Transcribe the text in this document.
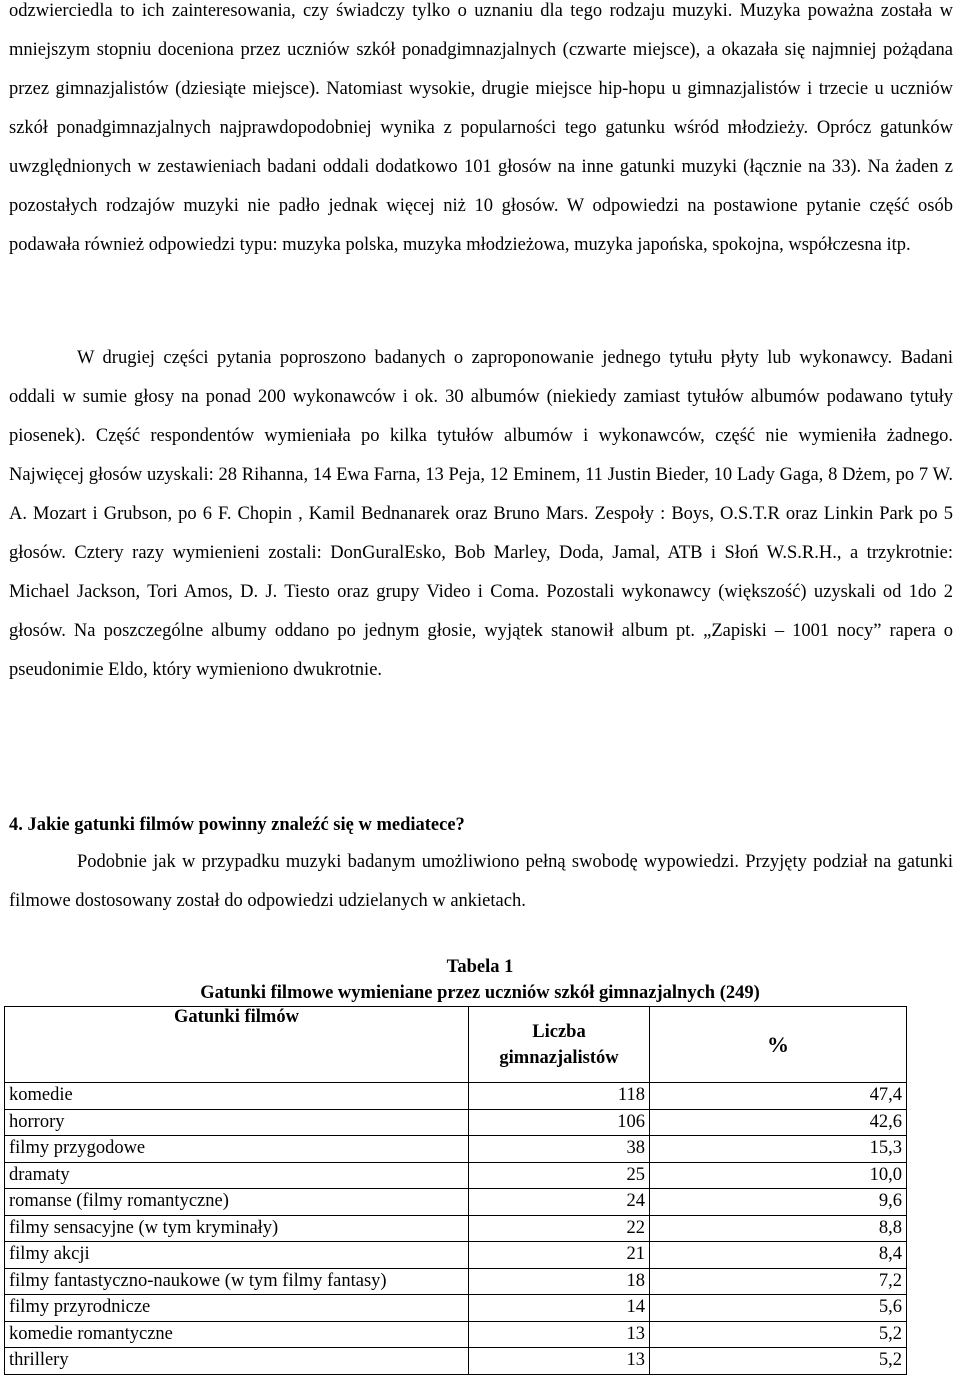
odzwierciedla to ich zainteresowania, czy świadczy tylko o uznaniu dla tego rodzaju muzyki. Muzyka poważna została w mniejszym stopniu doceniona przez uczniów szkół ponadgimnazjalnych (czwarte miejsce), a okazała się najmniej pożądana przez gimnazjalistów (dziesiąte miejsce). Natomiast wysokie, drugie miejsce hip-hopu u gimnazjalistów i trzecie u uczniów szkół ponadgimnazjalnych najprawdopodobniej wynika z popularności tego gatunku wśród młodzieży. Oprócz gatunków uwzględnionych w zestawieniach badani oddali dodatkowo 101 głosów na inne gatunki muzyki (łącznie na 33). Na żaden z pozostałych rodzajów muzyki nie padło jednak więcej niż 10 głosów. W odpowiedzi na postawione pytanie część osób podawała również odpowiedzi typu: muzyka polska, muzyka młodzieżowa, muzyka japońska, spokojna, współczesna itp.

W drugiej części pytania poproszono badanych o zaproponowanie jednego tytułu płyty lub wykonawcy. Badani oddali w sumie głosy na ponad 200 wykonawców i ok. 30 albumów (niekiedy zamiast tytułów albumów podawano tytuły piosenek). Część respondentów wymieniała po kilka tytułów albumów i wykonawców, część nie wymieniła żadnego. Najwięcej głosów uzyskali: 28 Rihanna, 14 Ewa Farna, 13 Peja, 12 Eminem, 11 Justin Bieder, 10 Lady Gaga, 8 Dżem, po 7 W. A. Mozart i Grubson, po 6 F. Chopin , Kamil Bednanarek oraz Bruno Mars. Zespoły : Boys, O.S.T.R oraz Linkin Park po 5 głosów. Cztery razy wymienieni zostali: DonGuralEsko, Bob Marley, Doda, Jamal, ATB i Słoń W.S.R.H., a trzykrotnie: Michael Jackson, Tori Amos, D. J. Tiesto oraz grupy Video i Coma. Pozostali wykonawcy (większość) uzyskali od 1do 2 głosów. Na poszczególne albumy oddano po jednym głosie, wyjątek stanowił album pt. „Zapiski – 1001 nocy” rapera o pseudonimie Eldo, który wymieniono dwukrotnie.

4. Jakie gatunki filmów powinny znaleźć się w mediatece?

Podobnie jak w przypadku muzyki badanym umożliwiono pełną swobodę wypowiedzi. Przyjęty podział na gatunki filmowe dostosowany został do odpowiedzi udzielanych w ankietach.

Tabela 1

Gatunki filmowe wymieniane przez uczniów szkół gimnazjalnych (249)

Gatunki filmów	Liczba gimnazjalistów	%
komedie	118	47,4
horrory	106	42,6
filmy przygodowe	38	15,3
dramaty	25	10,0
romanse (filmy romantyczne)	24	9,6
filmy sensacyjne (w tym kryminały)	22	8,8
filmy akcji	21	8,4
filmy fantastyczno-naukowe (w tym filmy fantasy)	18	7,2
filmy przyrodnicze	14	5,6
komedie romantyczne	13	5,2
thrillery	13	5,2
